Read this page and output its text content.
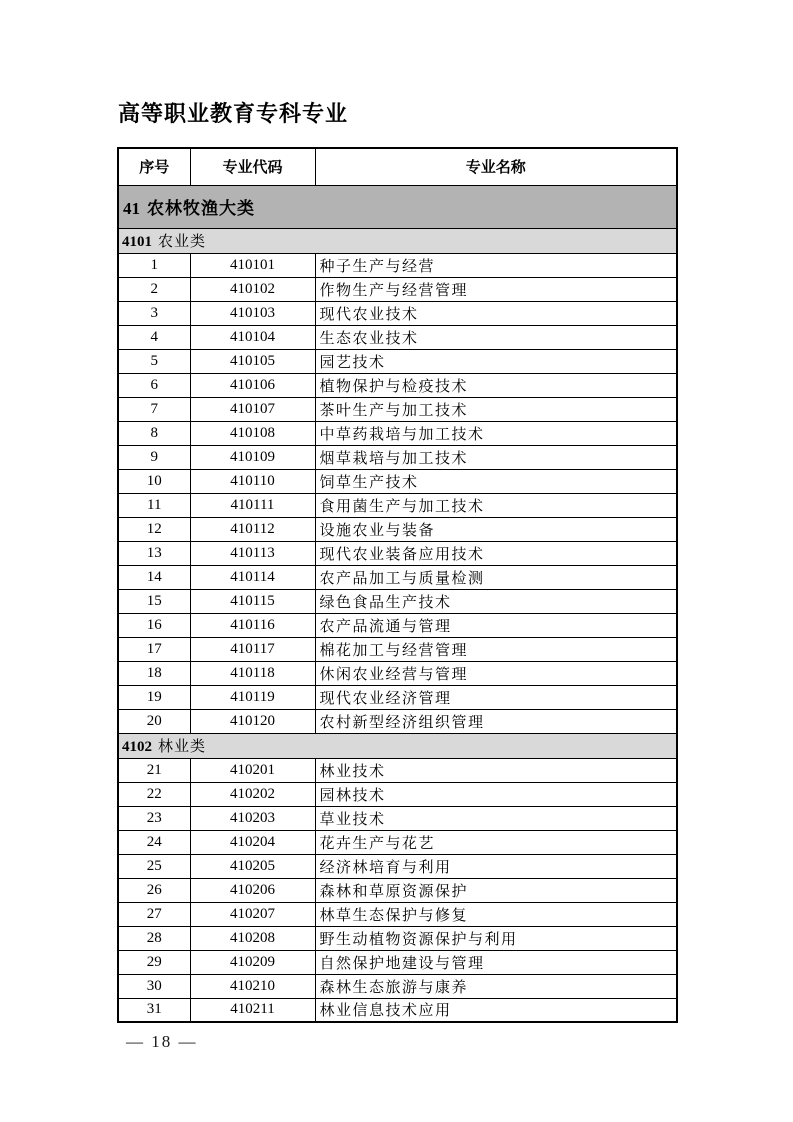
高等职业教育专科专业
序号	专业代码	专业名称
41 农林牧渔大类		
4101 农业类		
1	410101	种子生产与经营
2	410102	作物生产与经营管理
3	410103	现代农业技术
4	410104	生态农业技术
5	410105	园艺技术
6	410106	植物保护与检疫技术
7	410107	茶叶生产与加工技术
8	410108	中草药栽培与加工技术
9	410109	烟草栽培与加工技术
10	410110	饲草生产技术
11	410111	食用菌生产与加工技术
12	410112	设施农业与装备
13	410113	现代农业装备应用技术
14	410114	农产品加工与质量检测
15	410115	绿色食品生产技术
16	410116	农产品流通与管理
17	410117	棉花加工与经营管理
18	410118	休闲农业经营与管理
19	410119	现代农业经济管理
20	410120	农村新型经济组织管理
4102 林业类		
21	410201	林业技术
22	410202	园林技术
23	410203	草业技术
24	410204	花卉生产与花艺
25	410205	经济林培育与利用
26	410206	森林和草原资源保护
27	410207	林草生态保护与修复
28	410208	野生动植物资源保护与利用
29	410209	自然保护地建设与管理
30	410210	森林生态旅游与康养
31	410211	林业信息技术应用
— 18 —
